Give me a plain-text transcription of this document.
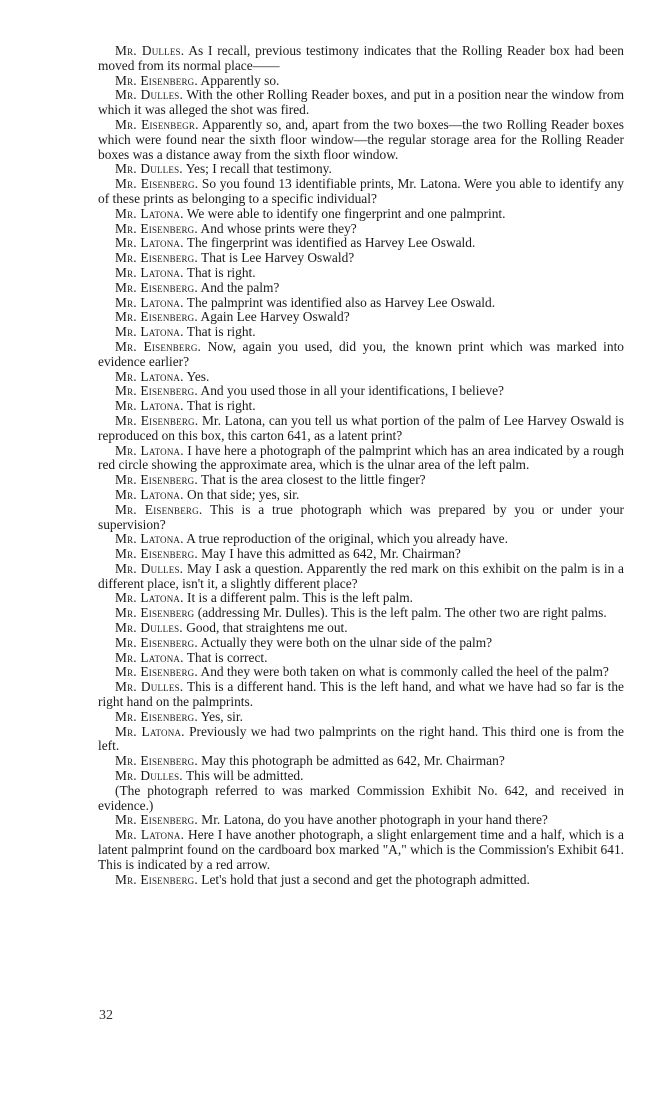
Mr. Dulles. As I recall, previous testimony indicates that the Rolling Reader box had been moved from its normal place——

Mr. Eisenberg. Apparently so.

Mr. Dulles. With the other Rolling Reader boxes, and put in a position near the window from which it was alleged the shot was fired.

Mr. Eisenbegr. Apparently so, and, apart from the two boxes—the two Rolling Reader boxes which were found near the sixth floor window—the regular storage area for the Rolling Reader boxes was a distance away from the sixth floor window.

Mr. Dulles. Yes; I recall that testimony.

Mr. Eisenberg. So you found 13 identifiable prints, Mr. Latona. Were you able to identify any of these prints as belonging to a specific individual?

Mr. Latona. We were able to identify one fingerprint and one palmprint.

Mr. Eisenberg. And whose prints were they?

Mr. Latona. The fingerprint was identified as Harvey Lee Oswald.

Mr. Eisenberg. That is Lee Harvey Oswald?

Mr. Latona. That is right.

Mr. Eisenberg. And the palm?

Mr. Latona. The palmprint was identified also as Harvey Lee Oswald.

Mr. Eisenberg. Again Lee Harvey Oswald?

Mr. Latona. That is right.

Mr. Eisenberg. Now, again you used, did you, the known print which was marked into evidence earlier?

Mr. Latona. Yes.

Mr. Eisenberg. And you used those in all your identifications, I believe?

Mr. Latona. That is right.

Mr. Eisenberg. Mr. Latona, can you tell us what portion of the palm of Lee Harvey Oswald is reproduced on this box, this carton 641, as a latent print?

Mr. Latona. I have here a photograph of the palmprint which has an area indicated by a rough red circle showing the approximate area, which is the ulnar area of the left palm.

Mr. Eisenberg. That is the area closest to the little finger?

Mr. Latona. On that side; yes, sir.

Mr. Eisenberg. This is a true photograph which was prepared by you or under your supervision?

Mr. Latona. A true reproduction of the original, which you already have.

Mr. Eisenberg. May I have this admitted as 642, Mr. Chairman?

Mr. Dulles. May I ask a question. Apparently the red mark on this exhibit on the palm is in a different place, isn't it, a slightly different place?

Mr. Latona. It is a different palm. This is the left palm.

Mr. Eisenberg (addressing Mr. Dulles). This is the left palm. The other two are right palms.

Mr. Dulles. Good, that straightens me out.

Mr. Eisenberg. Actually they were both on the ulnar side of the palm?

Mr. Latona. That is correct.

Mr. Eisenberg. And they were both taken on what is commonly called the heel of the palm?

Mr. Dulles. This is a different hand. This is the left hand, and what we have had so far is the right hand on the palmprints.

Mr. Eisenberg. Yes, sir.

Mr. Latona. Previously we had two palmprints on the right hand. This third one is from the left.

Mr. Eisenberg. May this photograph be admitted as 642, Mr. Chairman?

Mr. Dulles. This will be admitted.

(The photograph referred to was marked Commission Exhibit No. 642, and received in evidence.)

Mr. Eisenberg. Mr. Latona, do you have another photograph in your hand there?

Mr. Latona. Here I have another photograph, a slight enlargement time and a half, which is a latent palmprint found on the cardboard box marked "A," which is the Commission's Exhibit 641. This is indicated by a red arrow.

Mr. Eisenberg. Let's hold that just a second and get the photograph admitted.

32
